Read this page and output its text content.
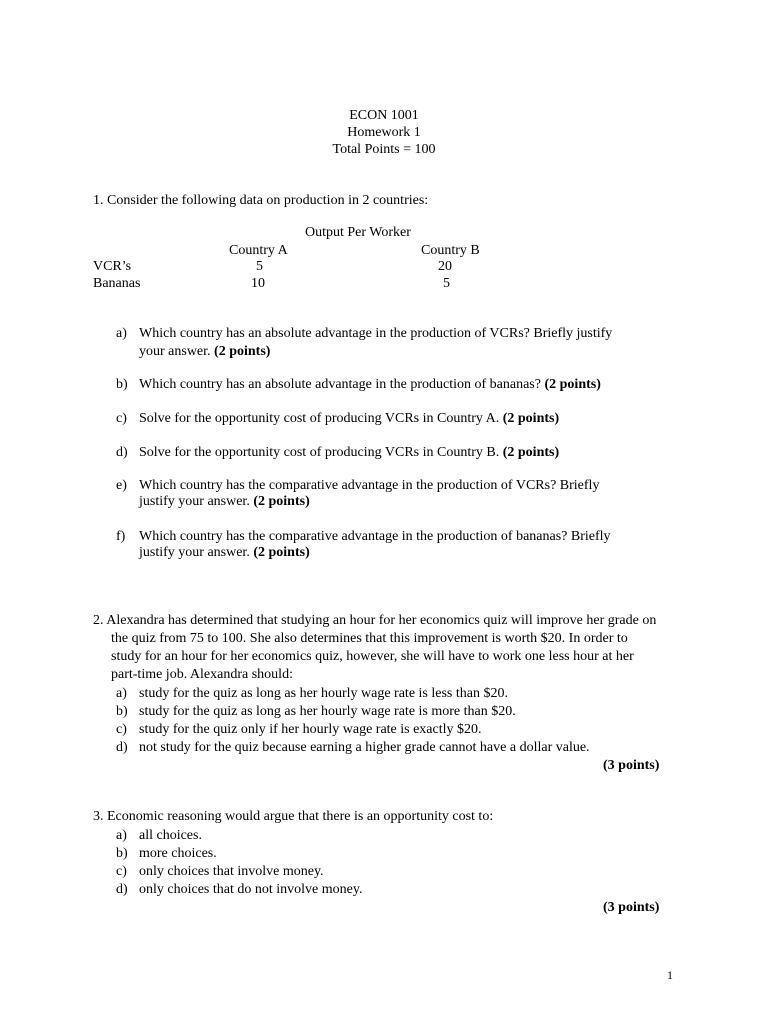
ECON 1001
Homework 1
Total Points = 100
1. Consider the following data on production in 2 countries:
Output Per Worker
Country A	Country B
VCR’s	5	20
Bananas	10	5
a) Which country has an absolute advantage in the production of VCRs? Briefly justify
your answer. (2 points)
b) Which country has an absolute advantage in the production of bananas? (2 points)
c) Solve for the opportunity cost of producing VCRs in Country A. (2 points)
d) Solve for the opportunity cost of producing VCRs in Country B. (2 points)
e) Which country has the comparative advantage in the production of VCRs? Briefly
justify your answer. (2 points)
f) Which country has the comparative advantage in the production of bananas? Briefly
justify your answer. (2 points)
2. Alexandra has determined that studying an hour for her economics quiz will improve her grade on
the quiz from 75 to 100. She also determines that this improvement is worth $20. In order to
study for an hour for her economics quiz, however, she will have to work one less hour at her
part-time job. Alexandra should:
a) study for the quiz as long as her hourly wage rate is less than $20.
b) study for the quiz as long as her hourly wage rate is more than $20.
c) study for the quiz only if her hourly wage rate is exactly $20.
d) not study for the quiz because earning a higher grade cannot have a dollar value.
(3 points)
3. Economic reasoning would argue that there is an opportunity cost to:
a) all choices.
b) more choices.
c) only choices that involve money.
d) only choices that do not involve money.
(3 points)
1
